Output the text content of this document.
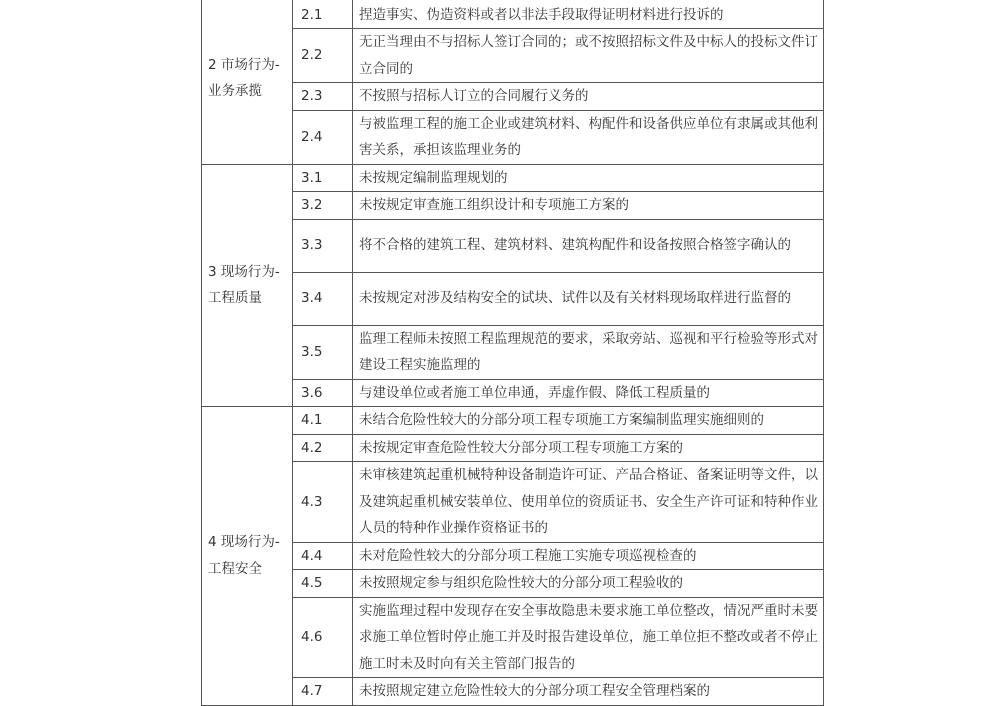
2 市场行为-业务承揽	2.1	捏造事实、伪造资料或者以非法手段取得证明材料进行投诉的
	2.2	无正当理由不与招标人签订合同的；或不按照招标文件及中标人的投标文件订立合同的
	2.3	不按照与招标人订立的合同履行义务的
	2.4	与被监理工程的施工企业或建筑材料、构配件和设备供应单位有隶属或其他利害关系，承担该监理业务的
3 现场行为-工程质量	3.1	未按规定编制监理规划的
	3.2	未按规定审查施工组织设计和专项施工方案的
	3.3	将不合格的建筑工程、建筑材料、建筑构配件和设备按照合格签字确认的
	3.4	未按规定对涉及结构安全的试块、试件以及有关材料现场取样进行监督的
	3.5	监理工程师未按照工程监理规范的要求，采取旁站、巡视和平行检验等形式对建设工程实施监理的
	3.6	与建设单位或者施工单位串通，弄虚作假、降低工程质量的
4 现场行为-工程安全	4.1	未结合危险性较大的分部分项工程专项施工方案编制监理实施细则的
	4.2	未按规定审查危险性较大分部分项工程专项施工方案的
	4.3	未审核建筑起重机械特种设备制造许可证、产品合格证、备案证明等文件，以及建筑起重机械安装单位、使用单位的资质证书、安全生产许可证和特种作业人员的特种作业操作资格证书的
	4.4	未对危险性较大的分部分项工程施工实施专项巡视检查的
	4.5	未按照规定参与组织危险性较大的分部分项工程验收的
	4.6	实施监理过程中发现存在安全事故隐患未要求施工单位整改，情况严重时未要求施工单位暂时停止施工并及时报告建设单位，施工单位拒不整改或者不停止施工时未及时向有关主管部门报告的
	4.7	未按照规定建立危险性较大的分部分项工程安全管理档案的
